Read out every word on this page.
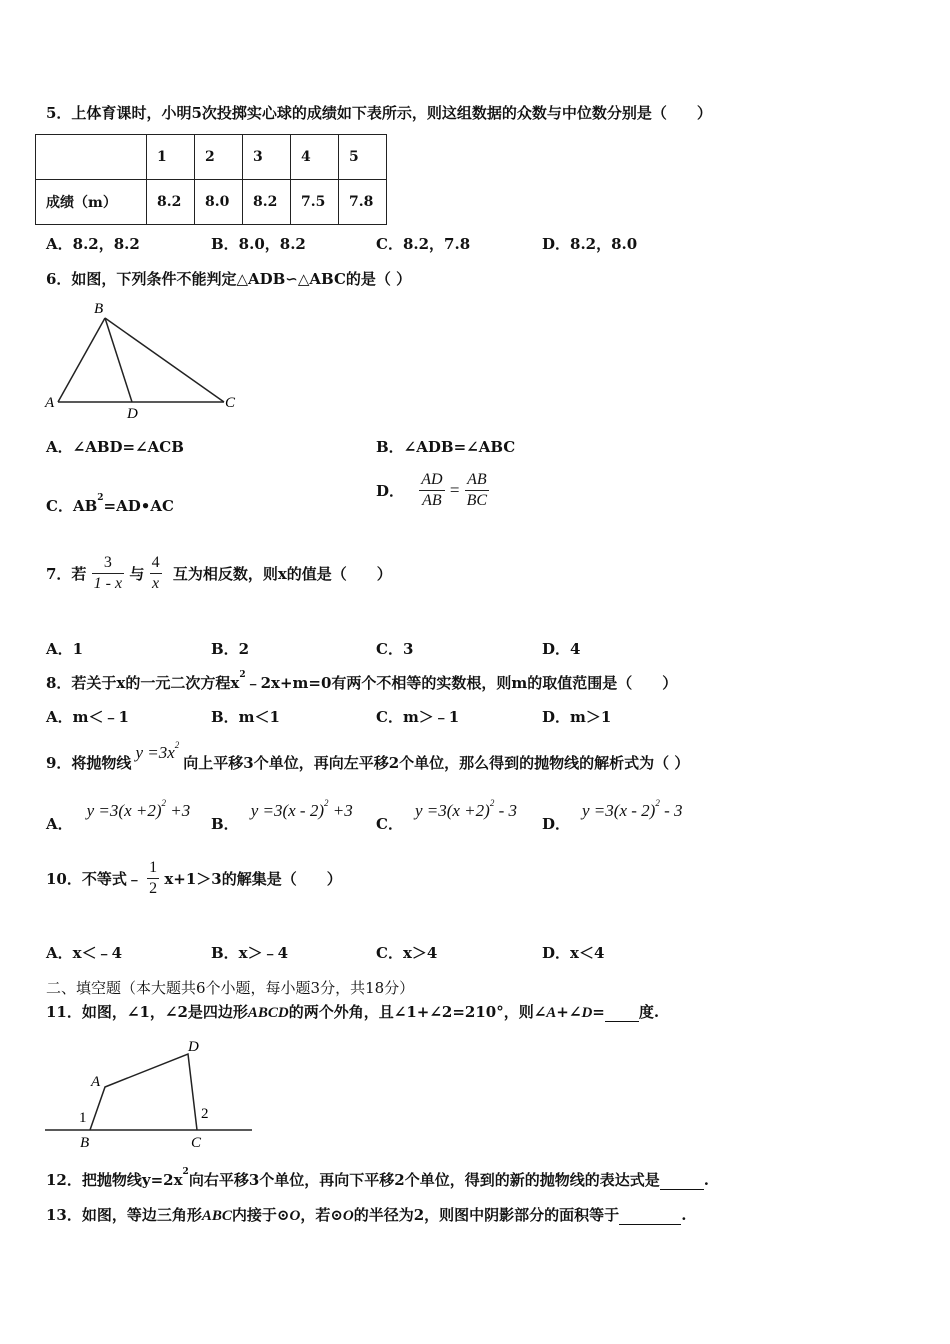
5．上体育课时，小明5次投掷实心球的成绩如下表所示，则这组数据的众数与中位数分别是（　　）
	1	2	3	4	5
成绩（m）	8.2	8.0	8.2	7.5	7.8
A．8.2，8.2	B．8.0，8.2	C．8.2，7.8	D．8.2，8.0
6．如图，下列条件不能判定△ADB∽△ABC的是（ ）
B
A
D
C
A．∠ABD=∠ACB	B．∠ADB=∠ABC
C．$AB^2=AD•AC$
D． $\frac{AD}{AB} = \frac{AB}{BC}$
7．若 $\frac{3}{1 - x}$ 与 $\frac{4}{x}$ 互为相反数，则x的值是（　　）
A．1	B．2	C．3	D．4
8．若关于x的一元二次方程$x^2﹣2x+m=0$有两个不相等的实数根，则m的取值范围是（　　）
A．m＜﹣1	B．m＜1	C．m＞﹣1	D．m＞1
9．将抛物线$y =3x^2$向上平移3个单位，再向左平移2个单位，那么得到的抛物线的解析式为（ ）
A．$y =3(x +2)^2 +3$
B．y =3(x - 2)$^2$ +3
C．$y =3(x +2)^2 - 3$
D．y =3(x - 2)$^2$ - 3
10．不等式﹣ $\frac{1}{2} x+1>3$的解集是（　　）
A．x＜﹣4	B．x＞﹣4	C．x＞4	D．x＜4
二、填空题（本大题共6个小题，每小题3分，共18分）
11．如图，∠1，∠2是四边形ABCD的两个外角，且∠1+∠2=210°，则∠A+∠D= 度.
D
A
1	2
B	C
12．把抛物线$y=2x^2$向右平移3个单位，再向下平移2个单位，得到的新的抛物线的表达式是	.
13．如图，等边三角形ABC内接于⊙O，若⊙O的半径为2，则图中阴影部分的面积等于	.
